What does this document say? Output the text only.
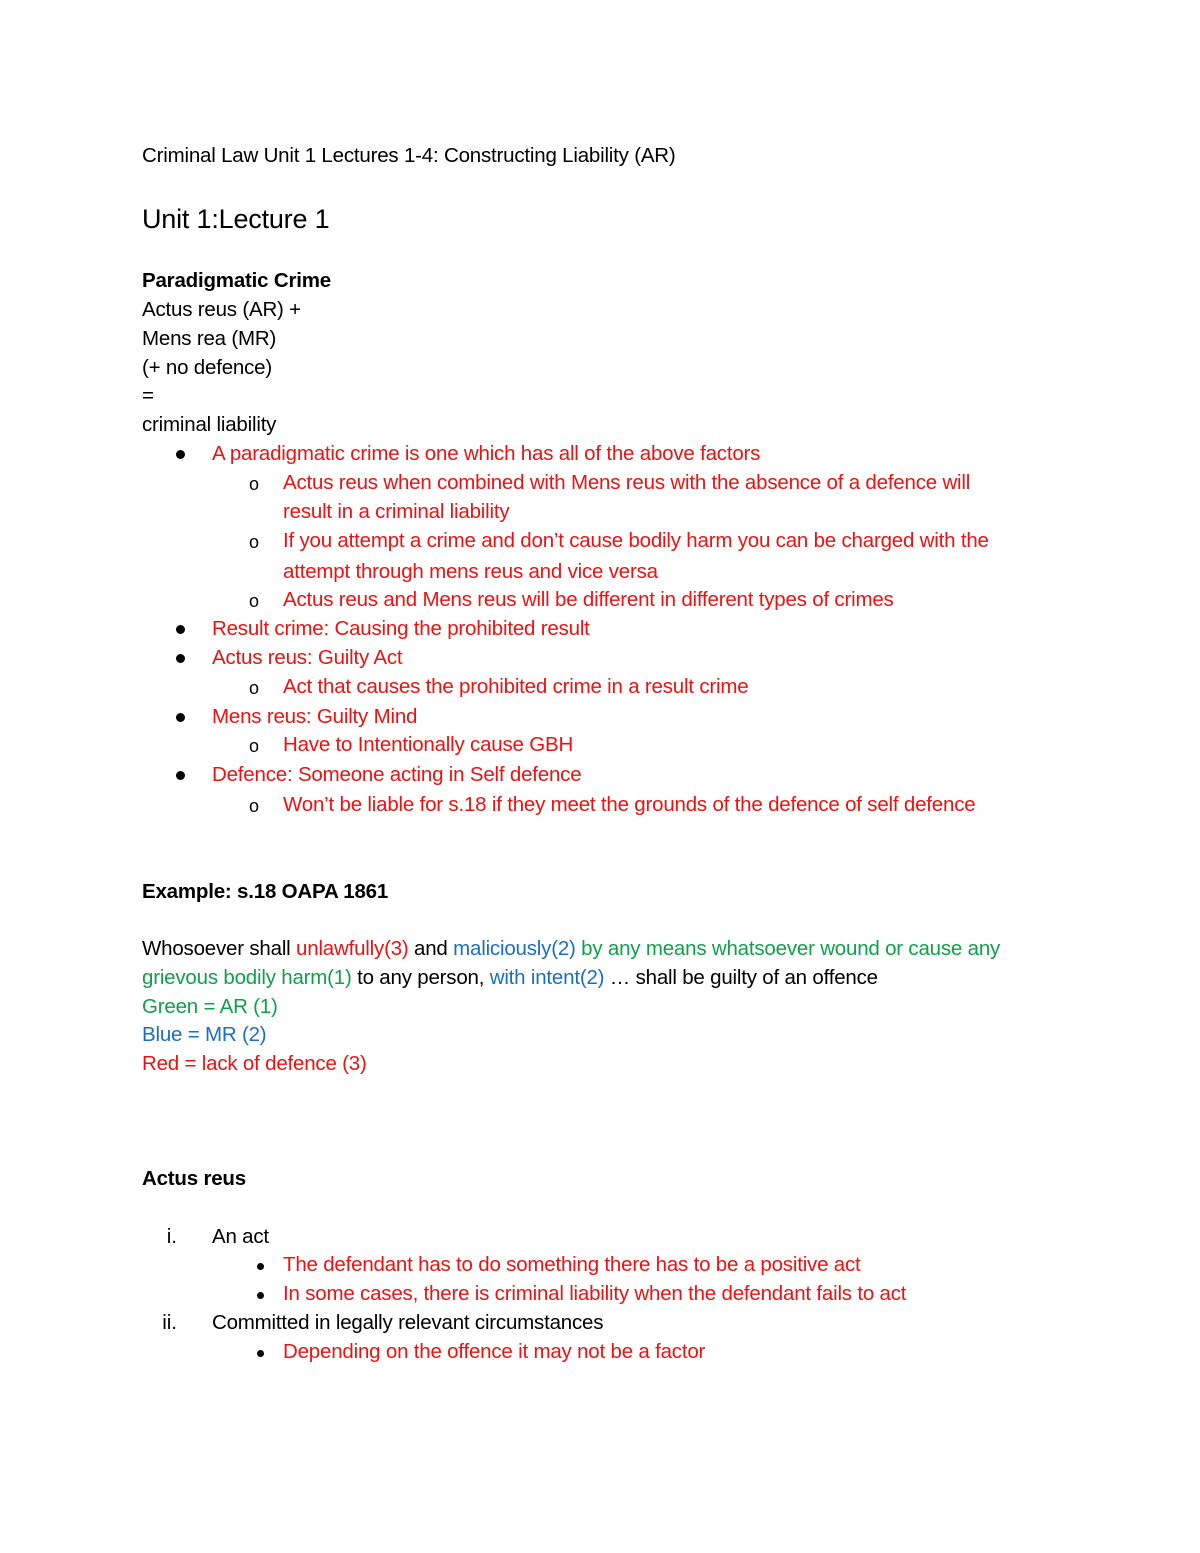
Criminal Law Unit 1 Lectures 1-4: Constructing Liability (AR)
Unit 1:Lecture 1
Paradigmatic Crime
Actus reus (AR) +
Mens rea (MR)
(+ no defence)
=
criminal liability
A paradigmatic crime is one which has all of the above factors
o Actus reus when combined with Mens reus with the absence of a defence will
result in a criminal liability
o If you attempt a crime and don’t cause bodily harm you can be charged with the
attempt through mens reus and vice versa
o Actus reus and Mens reus will be different in different types of crimes
Result crime: Causing the prohibited result
Actus reus: Guilty Act
o Act that causes the prohibited crime in a result crime
Mens reus: Guilty Mind
o Have to Intentionally cause GBH
Defence: Someone acting in Self defence
o Won’t be liable for s.18 if they meet the grounds of the defence of self defence
Example: s.18 OAPA 1861
Whosoever shall unlawfully(3) and maliciously(2) by any means whatsoever wound or cause any
grievous bodily harm(1) to any person, with intent(2) … shall be guilty of an offence
Green = AR (1)
Blue = MR (2)
Red = lack of defence (3)
Actus reus
i. An act
The defendant has to do something there has to be a positive act
In some cases, there is criminal liability when the defendant fails to act
ii. Committed in legally relevant circumstances
Depending on the offence it may not be a factor
